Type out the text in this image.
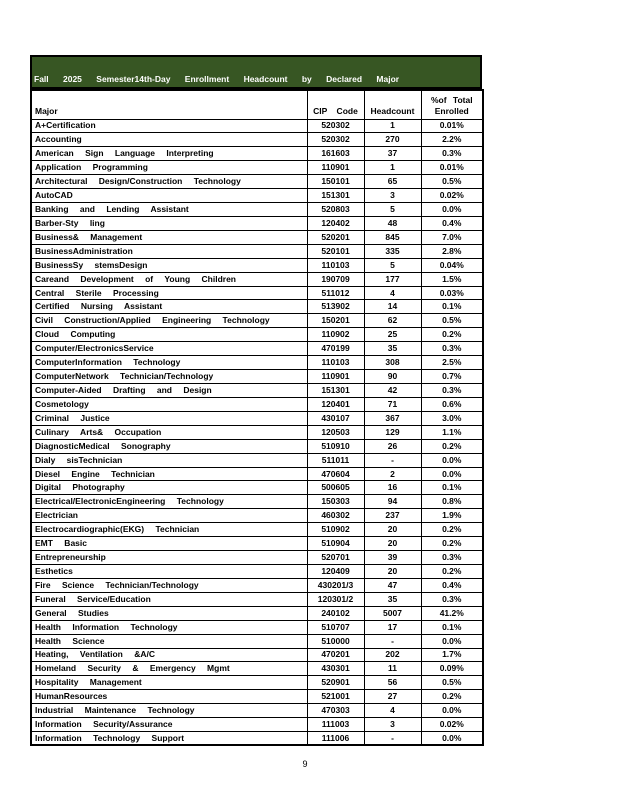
Fall 2025 Semester14th-Day Enrollment Headcount by Declared Major
Major	CIP Code	Headcount	%of Total
Enrolled

A+Certification	520302	1	0.01%
Accounting	520302	270	2.2%
American Sign Language Interpreting	161603	37	0.3%
Application Programming	110901	1	0.01%
Architectural Design/Construction Technology	150101	65	0.5%
AutoCAD	151301	3	0.02%
Banking and Lending Assistant	520803	5	0.0%
Barber-Sty ling	120402	48	0.4%
Business& Management	520201	845	7.0%
BusinessAdministration	520101	335	2.8%
BusinessSy stemsDesign	110103	5	0.04%
Careand Development of Young Children	190709	177	1.5%
Central Sterile Processing	511012	4	0.03%
Certified Nursing Assistant	513902	14	0.1%
Civil Construction/Applied Engineering Technology	150201	62	0.5%
Cloud Computing	110902	25	0.2%
Computer/ElectronicsService	470199	35	0.3%
ComputerInformation Technology	110103	308	2.5%
ComputerNetwork Technician/Technology	110901	90	0.7%
Computer-Aided Drafting and Design	151301	42	0.3%
Cosmetology	120401	71	0.6%
Criminal Justice	430107	367	3.0%
Culinary Arts& Occupation	120503	129	1.1%
DiagnosticMedical Sonography	510910	26	0.2%
Dialy sisTechnician	511011	-	0.0%
Diesel Engine Technician	470604	2	0.0%
Digital Photography	500605	16	0.1%
Electrical/ElectronicEngineering Technology	150303	94	0.8%
Electrician	460302	237	1.9%
Electrocardiographic(EKG) Technician	510902	20	0.2%
EMT Basic	510904	20	0.2%
Entrepreneurship	520701	39	0.3%
Esthetics	120409	20	0.2%
Fire Science Technician/Technology	430201/3	47	0.4%
Funeral Service/Education	120301/2	35	0.3%
General Studies	240102	5007	41.2%
Health Information Technology	510707	17	0.1%
Health Science	510000	-	0.0%
Heating, Ventilation &A/C	470201	202	1.7%
Homeland Security & Emergency Mgmt	430301	11	0.09%
Hospitality Management	520901	56	0.5%
HumanResources	521001	27	0.2%
Industrial Maintenance Technology	470303	4	0.0%
Information Security/Assurance	111003	3	0.02%
Information Technology Support	111006	-	0.0%
9
